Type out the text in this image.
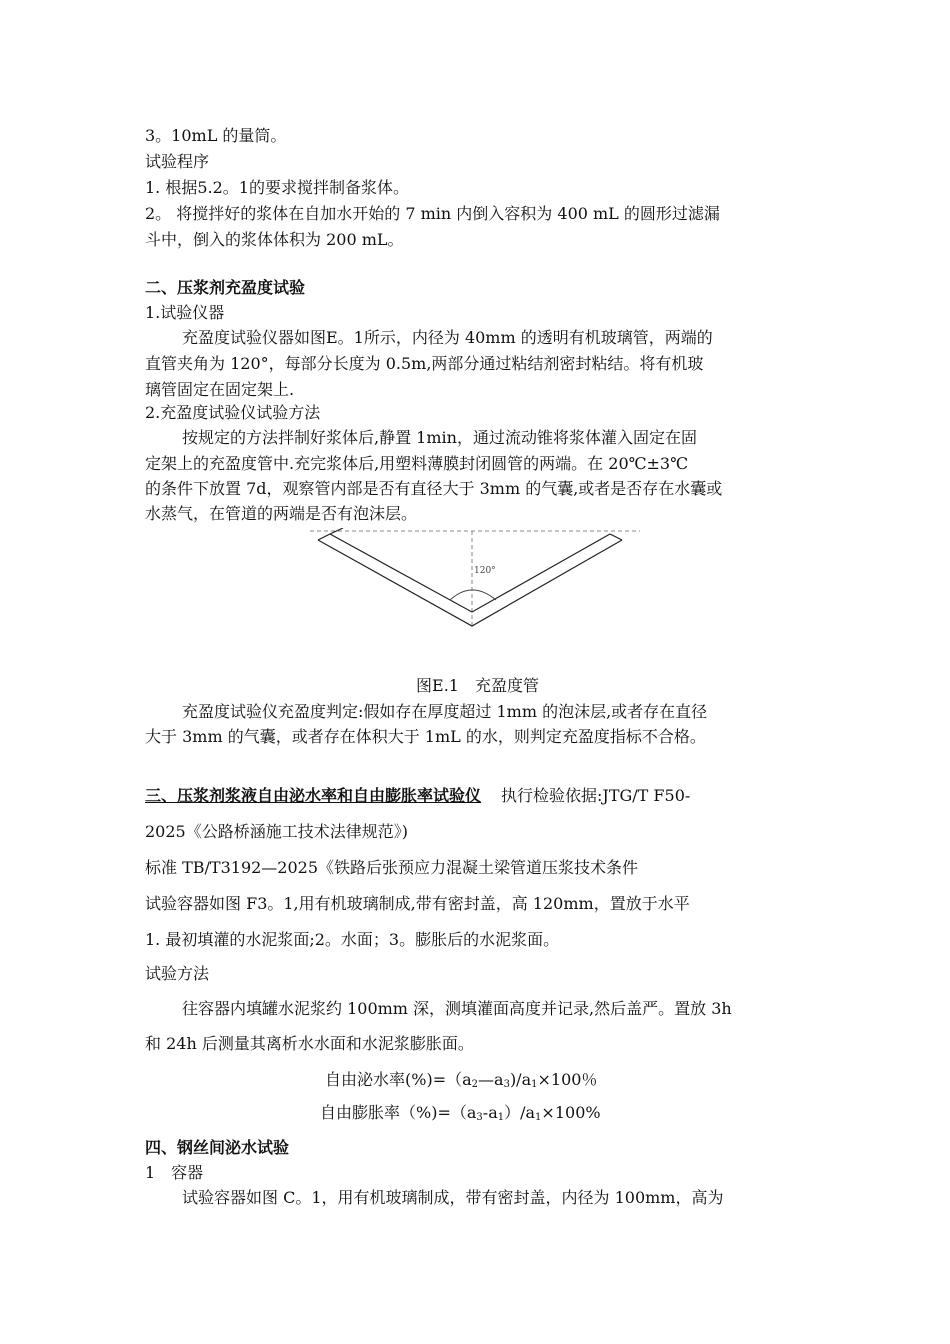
3。10mL 的量筒。
试验程序
1. 根据5.2。1的要求搅拌制备浆体。
2。 将搅拌好的浆体在自加水开始的 7 min 内倒入容积为 400 mL 的圆形过滤漏
斗中，倒入的浆体体积为 200 mL。
二、压浆剂充盈度试验
1.试验仪器
充盈度试验仪器如图E。1所示，内径为 40mm 的透明有机玻璃管，两端的
直管夹角为 120°，每部分长度为 0.5m,两部分通过粘结剂密封粘结。将有机玻
璃管固定在固定架上.
2.充盈度试验仪试验方法
按规定的方法拌制好浆体后,静置 1min，通过流动锥将浆体灌入固定在固
定架上的充盈度管中.充完浆体后,用塑料薄膜封闭圆管的两端。在 20℃±3℃
的条件下放置 7d，观察管内部是否有直径大于 3mm 的气囊,或者是否存在水囊或
水蒸气，在管道的两端是否有泡沫层。
120°
图E.1　充盈度管
充盈度试验仪充盈度判定:假如存在厚度超过 1mm 的泡沫层,或者存在直径
大于 3mm 的气囊，或者存在体积大于 1mL 的水，则判定充盈度指标不合格。
三、压浆剂浆液自由泌水率和自由膨胀率试验仪 执行检验依据:JTG/T F50-
2025《公路桥涵施工技术法律规范》)
标准 TB/T3192—2025《铁路后张预应力混凝土梁管道压浆技术条件
试验容器如图 F3。1,用有机玻璃制成,带有密封盖，高 120mm，置放于水平
1. 最初填灌的水泥浆面;2。水面；3。膨胀后的水泥浆面。
试验方法
往容器内填罐水泥浆约 100mm 深，测填灌面高度并记录,然后盖严。置放 3h
和 24h 后测量其离析水水面和水泥浆膨胀面。
自由泌水率$(\%)=(a_2—a_3)/a_1\times 100$％
自由膨胀率$(\%)=(a_3-a_1)/a_1\times 100\%$
四、钢丝间泌水试验
1　容器
试验容器如图 C。1，用有机玻璃制成，带有密封盖，内径为 100mm，高为
